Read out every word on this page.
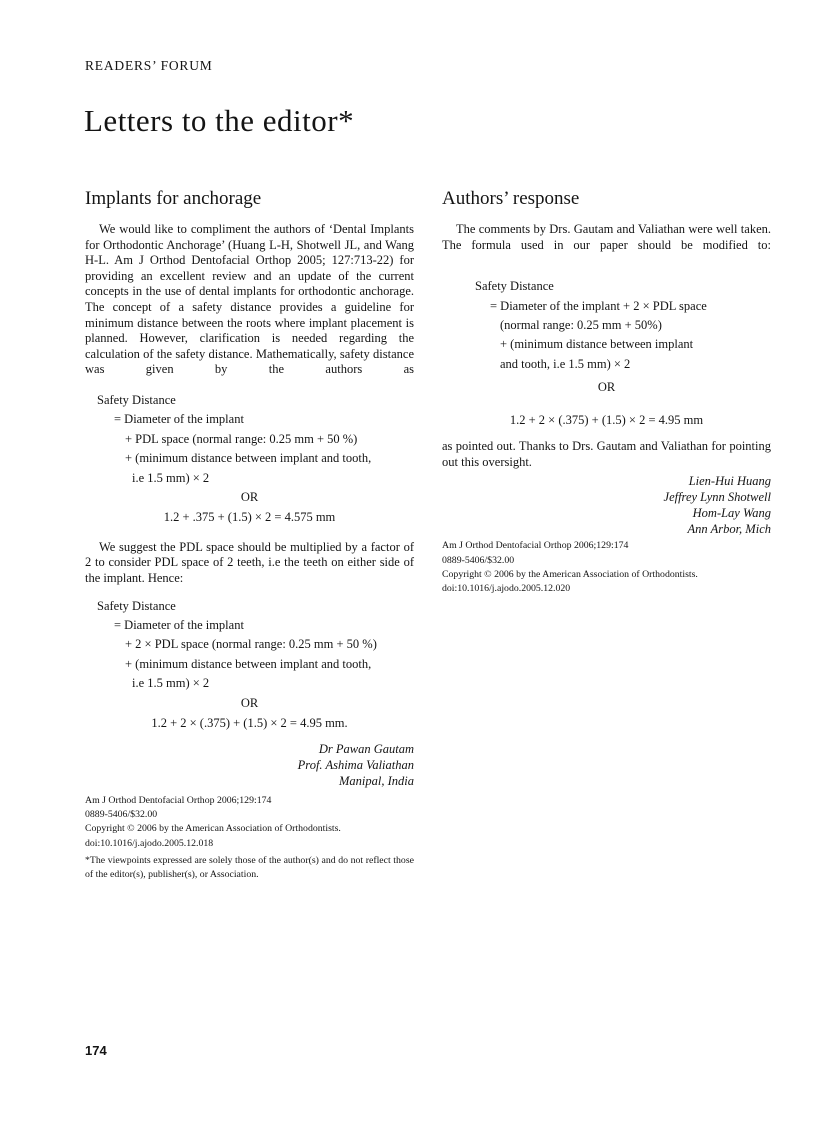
READERS’ FORUM
Letters to the editor*
Implants for anchorage

We would like to compliment the authors of ‘Dental Implants for Orthodontic Anchorage’ (Huang L-H, Shotwell JL, and Wang H-L. Am J Orthod Dentofacial Orthop 2005; 127:713-22) for providing an excellent review and an update of the current concepts in the use of dental implants for orthodontic anchorage. The concept of a safety distance provides a guideline for minimum distance between the roots where implant placement is planned. However, clarification is needed regarding the calculation of the safety distance. Mathematically, safety distance was given by the authors as

Safety Distance
= Diameter of the implant
+ PDL space (normal range: 0.25 mm + 50 %)
+ (minimum distance between implant and tooth,
i.e 1.5 mm) × 2
OR
1.2 + .375 + (1.5) × 2 = 4.575 mm

We suggest the PDL space should be multiplied by a factor of 2 to consider PDL space of 2 teeth, i.e the teeth on either side of the implant. Hence:

Safety Distance
= Diameter of the implant
+ 2 × PDL space (normal range: 0.25 mm + 50 %)
+ (minimum distance between implant and tooth,
i.e 1.5 mm) × 2
OR
1.2 + 2 × (.375) + (1.5) × 2 = 4.95 mm.
Dr Pawan Gautam
Prof. Ashima Valiathan
Manipal, India
Am J Orthod Dentofacial Orthop 2006;129:174
0889-5406/$32.00
Copyright © 2006 by the American Association of Orthodontists.
doi:10.1016/j.ajodo.2005.12.018

*The viewpoints expressed are solely those of the author(s) and do not reflect those of the editor(s), publisher(s), or Association.

Authors’ response

The comments by Drs. Gautam and Valiathan were well taken. The formula used in our paper should be modified to:

Safety Distance
= Diameter of the implant + 2 × PDL space
(normal range: 0.25 mm + 50%)
+ (minimum distance between implant
and tooth, i.e 1.5 mm) × 2
OR
1.2 + 2 × (.375) + (1.5) × 2 = 4.95 mm

as pointed out. Thanks to Drs. Gautam and Valiathan for pointing out this oversight.

Lien-Hui Huang
Jeffrey Lynn Shotwell
Hom-Lay Wang
Ann Arbor, Mich
Am J Orthod Dentofacial Orthop 2006;129:174
0889-5406/$32.00
Copyright © 2006 by the American Association of Orthodontists.
doi:10.1016/j.ajodo.2005.12.020
174
